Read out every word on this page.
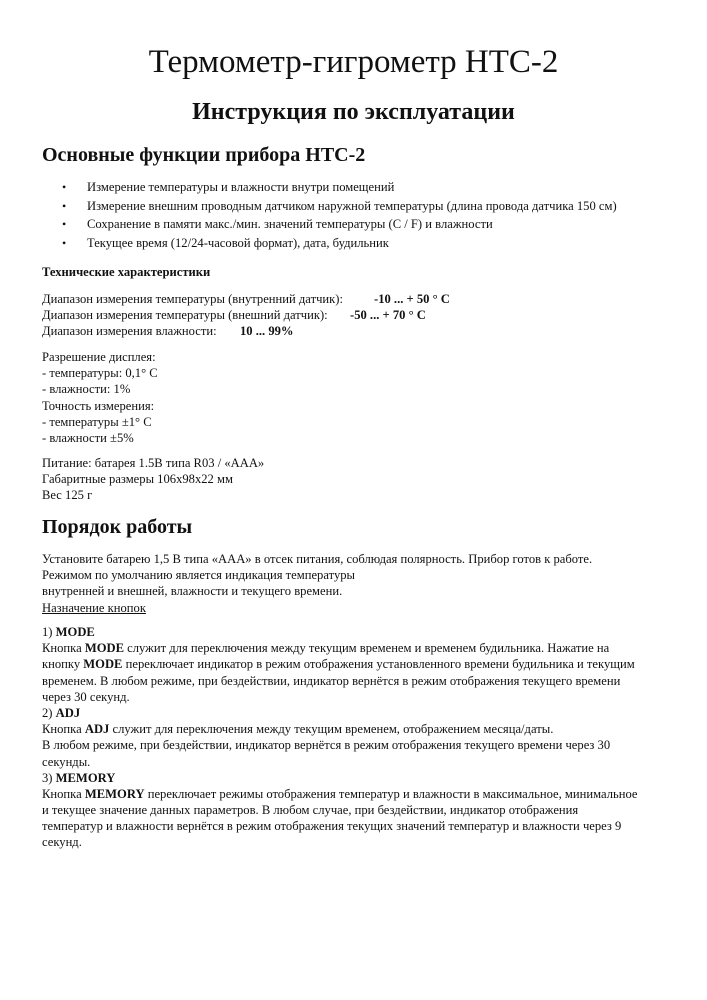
Термометр-гигрометр HTC-2
Инструкция по эксплуатации
Основные функции прибора HTC-2
• Измерение температуры и влажности внутри помещений
• Измерение внешним проводным датчиком наружной температуры (длина провода датчика 150 см)
• Сохранение в памяти макс./мин. значений температуры (C / F) и влажности
• Текущее время (12/24-часовой формат), дата, будильник
Технические характеристики
Диапазон измерения температуры (внутренний датчик): -10 ... + 50 ° С
Диапазон измерения температуры (внешний датчик): -50 ... + 70 ° С
Диапазон измерения влажности: 10 ... 99%
Разрешение дисплея:
- температуры: 0,1° С
- влажности: 1%
Точность измерения:
- температуры ±1° С
- влажности ±5%
Питание: батарея 1.5В типа R03 / «ААА»
Габаритные размеры 106x98x22 мм
Вес 125 г
Порядок работы
Установите батарею 1,5 В типа «ААА» в отсек питания, соблюдая полярность. Прибор готов к работе.
Режимом по умолчанию является индикация температуры
внутренней и внешней, влажности и текущего времени.
Назначение кнопок
1) MODE
Кнопка MODE служит для переключения между текущим временем и временем будильника. Нажатие на
кнопку MODE переключает индикатор в режим отображения установленного времени будильника и текущим
временем. В любом режиме, при бездействии, индикатор вернётся в режим отображения текущего времени
через 30 секунд.
2) ADJ
Кнопка ADJ служит для переключения между текущим временем, отображением месяца/даты.
В любом режиме, при бездействии, индикатор вернётся в режим отображения текущего времени через 30
секунды.
3) MEMORY
Кнопка MEMORY переключает режимы отображения температур и влажности в максимальное, минимальное
и текущее значение данных параметров. В любом случае, при бездействии, индикатор отображения
температур и влажности вернётся в режим отображения текущих значений температур и влажности через 9
секунд.
